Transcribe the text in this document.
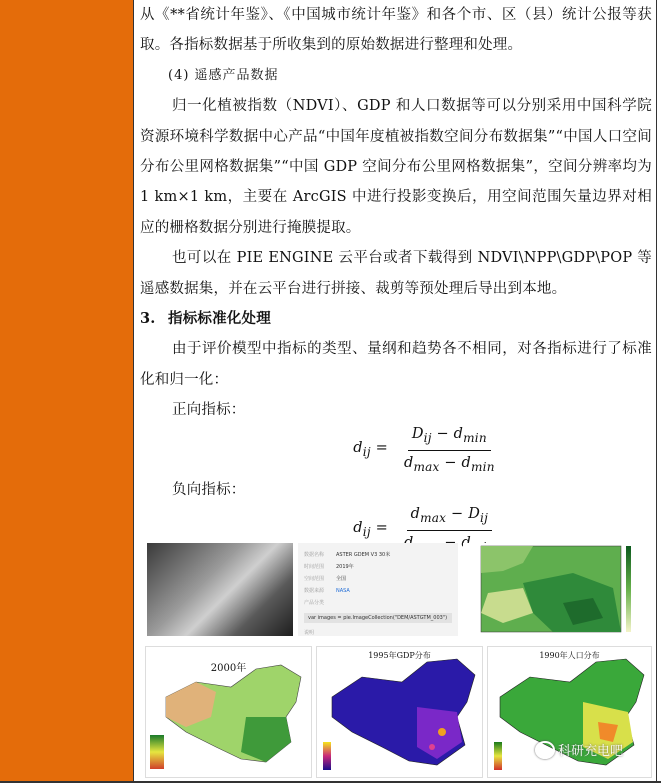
从《**省统计年鉴》、《中国城市统计年鉴》和各个市、区（县）统计公报等获取。各指标数据基于所收集到的原始数据进行整理和处理。

(4) 遥感产品数据

归一化植被指数（NDVI）、GDP 和人口数据等可以分别采用中国科学院资源环境科学数据中心产品“中国年度植被指数空间分布数据集”“中国人口空间分布公里网格数据集”“中国 GDP 空间分布公里网格数据集”，空间分辨率均为 1 km×1 km，主要在 ArcGIS 中进行投影变换后，用空间范围矢量边界对相应的栅格数据分别进行掩膜提取。

也可以在 PIE ENGINE 云平台或者下载得到 NDVI\NPP\GDP\POP 等遥感数据集，并在云平台进行拼接、裁剪等预处理后导出到本地。

3. 指标标准化处理

由于评价模型中指标的类型、量纲和趋势各不相同，对各指标进行了标准化和归一化：

正向指标：

$d_{ij} = \frac{D_{ij} - d_{min}}{d_{max} - d_{min}}$

负向指标：

$d_{ij}$ =
$d_{max} - D_{ij}$
数据名称	ASTER GDEM V3 30米
时间范围	2019年
空间范围	全国
数据来源	NASA
产品分类
var images = pie.ImageCollection("DEM/ASTGTM_003")
说明
2000年
1995年GDP分布	1990年人口分布
科研充电吧
